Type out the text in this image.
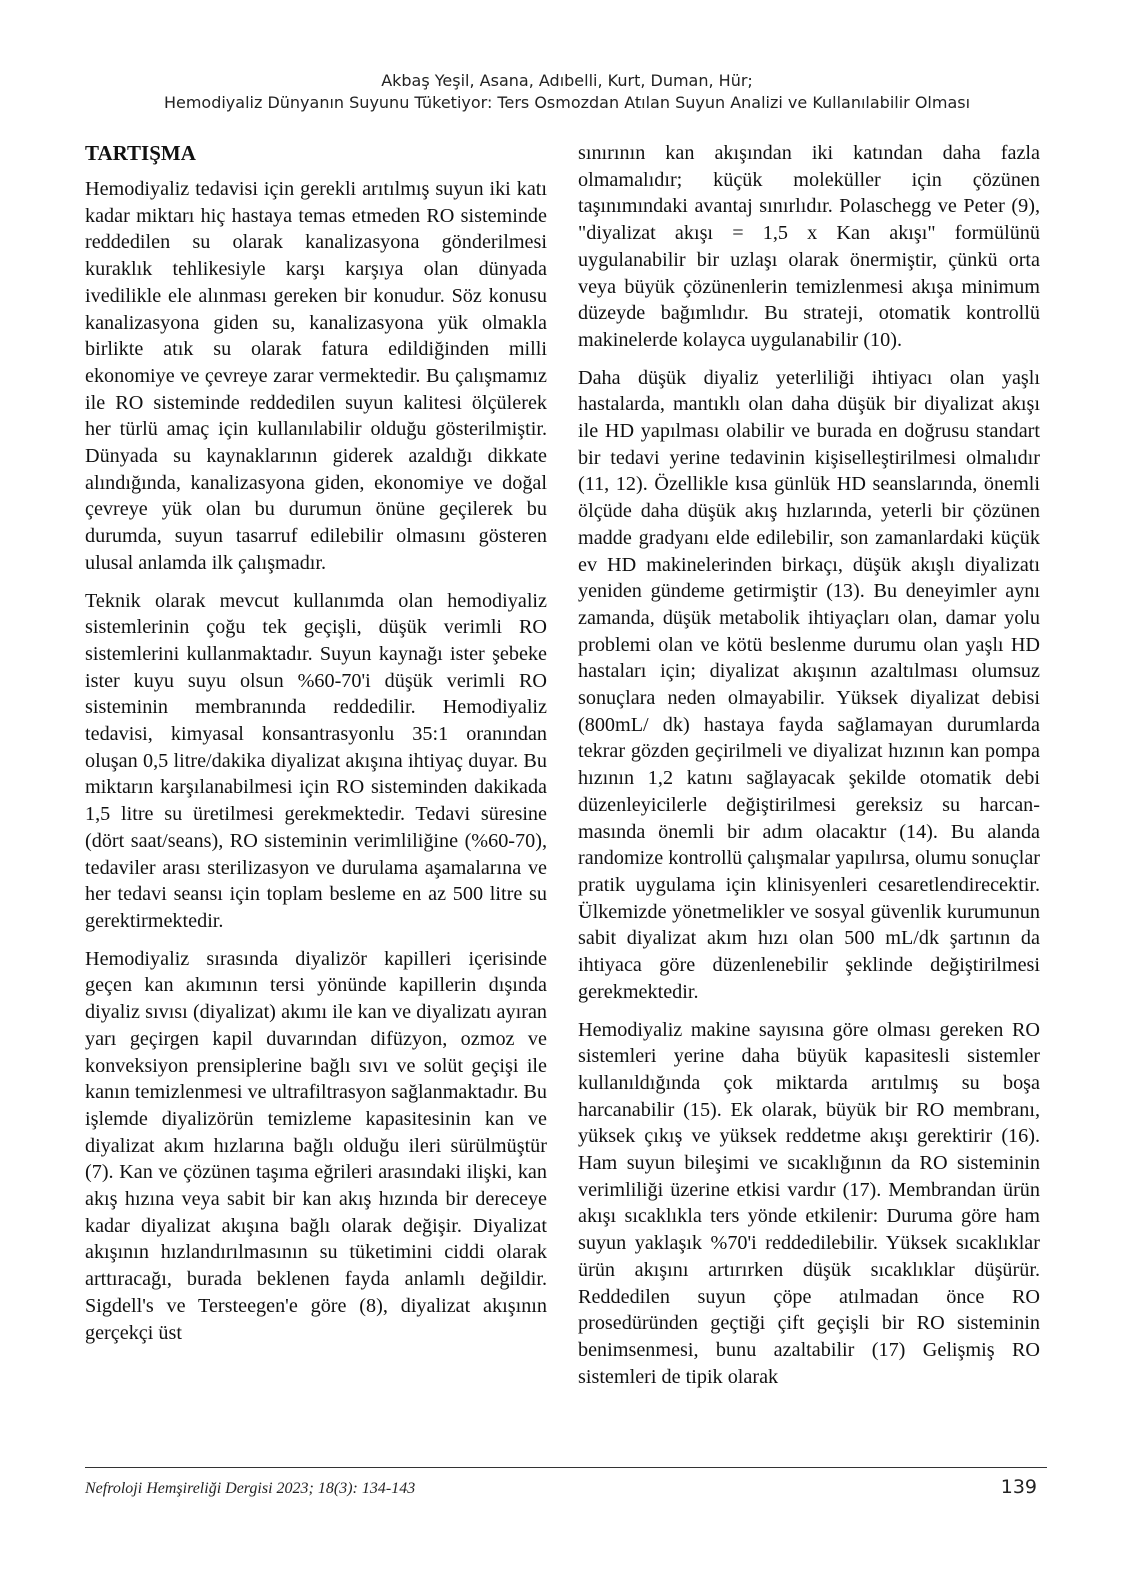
Akbaş Yeşil, Asana, Adıbelli, Kurt, Duman, Hür;
Hemodiyaliz Dünyanın Suyunu Tüketiyor: Ters Osmozdan Atılan Suyun Analizi ve Kullanılabilir Olması
TARTIŞMA

Hemodiyaliz tedavisi için gerekli arıtılmış suyun iki katı kadar miktarı hiç hastaya temas etmeden RO sisteminde reddedilen su olarak kanalizasyona gönderilmesi kuraklık tehlikesiyle karşı karşıya olan dünyada ivedilikle ele alınması gereken bir konudur. Söz konusu kanalizasyona giden su, kanalizasyona yük olmakla birlikte atık su olarak fatura edildiğinden milli ekonomiye ve çevreye zarar vermektedir. Bu çalışmamız ile RO sisteminde reddedilen suyun kalitesi ölçülerek her türlü amaç için kullanılabilir olduğu gösterilmiştir. Dünyada su kaynaklarının giderek azaldığı dikkate alındığında, kanalizasyona giden, ekonomiye ve doğal çevreye yük olan bu durumun önüne geçilerek bu durumda, suyun tasarruf edilebilir olmasını gösteren ulusal anlamda ilk çalışmadır.

Teknik olarak mevcut kullanımda olan hemodiyaliz sistemlerinin çoğu tek geçişli, düşük verimli RO sistemlerini kullanmaktadır. Suyun kaynağı ister şebeke ister kuyu suyu olsun %60-70'i düşük verimli RO sisteminin membranında reddedilir. Hemodiyaliz tedavisi, kimyasal konsantrasyonlu 35:1 oranından oluşan 0,5 litre/dakika diyalizat akışına ihtiyaç duyar. Bu miktarın karşılanabilmesi için RO sisteminden dakikada 1,5 litre su üretilmesi gerekmektedir. Tedavi süresine (dört saat/seans), RO sisteminin verimliliğine (%60-70), tedaviler arası sterilizasyon ve durulama aşamalarına ve her tedavi seansı için toplam besleme en az 500 litre su gerektirmektedir.

Hemodiyaliz sırasında diyalizör kapilleri içerisinde geçen kan akımının tersi yönünde kapillerin dışında diyaliz sıvısı (diyalizat) akımı ile kan ve diyalizatı ayıran yarı geçirgen kapil duvarından difüzyon, ozmoz ve konveksiyon prensiplerine bağlı sıvı ve solüt geçişi ile kanın temizlenmesi ve ultrafiltrasyon sağlanmaktadır. Bu işlemde diyalizörün temizleme kapasitesinin kan ve diyalizat akım hızlarına bağlı olduğu ileri sürülmüştür (7). Kan ve çözünen taşıma eğrileri arasındaki ilişki, kan akış hızına veya sabit bir kan akış hızında bir dereceye kadar diyalizat akışına bağlı olarak değişir. Diyalizat akışının hızlandırılmasının su tüketimini ciddi olarak arttıracağı, burada beklenen fayda anlamlı değildir. Sigdell's ve Tersteegen'e göre (8), diyalizat akışının gerçekçi üst

sınırının kan akışından iki katından daha fazla olmamalıdır; küçük moleküller için çözünen taşınımındaki avantaj sınırlıdır. Polaschegg ve Peter (9), "diyalizat akışı = 1,5 x Kan akışı" formülünü uygulanabilir bir uzlaşı olarak önermiştir, çünkü orta veya büyük çözünenlerin temizlenmesi akışa minimum düzeyde bağımlıdır. Bu strateji, otomatik kontrollü makinelerde kolayca uygulanabilir (10).

Daha düşük diyaliz yeterliliği ihtiyacı olan yaşlı hastalarda, mantıklı olan daha düşük bir diyalizat akışı ile HD yapılması olabilir ve burada en doğrusu standart bir tedavi yerine tedavinin kişiselleştirilmesi olmalıdır (11, 12). Özellikle kısa günlük HD seanslarında, önemli ölçüde daha düşük akış hızlarında, yeterli bir çözünen madde gradyanı elde edilebilir, son zamanlardaki küçük ev HD makinelerinden birkaçı, düşük akışlı diyalizatı yeniden gündeme getirmiştir (13). Bu deneyimler aynı zamanda, düşük metabolik ihtiyaçları olan, damar yolu problemi olan ve kötü beslenme durumu olan yaşlı HD hastaları için; diyalizat akışının azaltılması olumsuz sonuçlara neden olmayabilir. Yüksek diyalizat debisi (800mL/ dk) hastaya fayda sağlamayan durumlarda tekrar gözden geçirilmeli ve diyalizat hızının kan pompa hızının 1,2 katını sağlayacak şekilde otomatik debi düzenleyicilerle değiştirilmesi gereksiz su harcanmasında önemli bir adım olacaktır (14). Bu alanda randomize kontrollü çalışmalar yapılırsa, olumu sonuçlar pratik uygulama için klinisyenleri cesaretlendirecektir. Ülkemizde yönetmelikler ve sosyal güvenlik kurumunun sabit diyalizat akım hızı olan 500 mL/dk şartının da ihtiyaca göre düzenlenebilir şeklinde değiştirilmesi gerekmektedir.

Hemodiyaliz makine sayısına göre olması gereken RO sistemleri yerine daha büyük kapasitesli sistemler kullanıldığında çok miktarda arıtılmış su boşa harcanabilir (15). Ek olarak, büyük bir RO membranı, yüksek çıkış ve yüksek reddetme akışı gerektirir (16). Ham suyun bileşimi ve sıcaklığının da RO sisteminin verimliliği üzerine etkisi vardır (17). Membrandan ürün akışı sıcaklıkla ters yönde etkilenir: Duruma göre ham suyun yaklaşık %70'i reddedilebilir. Yüksek sıcaklıklar ürün akışını artırırken düşük sıcaklıklar düşürür. Reddedilen suyun çöpe atılmadan önce RO prosedüründen geçtiği çift geçişli bir RO sisteminin benimsenmesi, bunu azaltabilir (17) Gelişmiş RO sistemleri de tipik olarak

Nefroloji Hemşireliği Dergisi 2023; 18(3): 134-143	139
